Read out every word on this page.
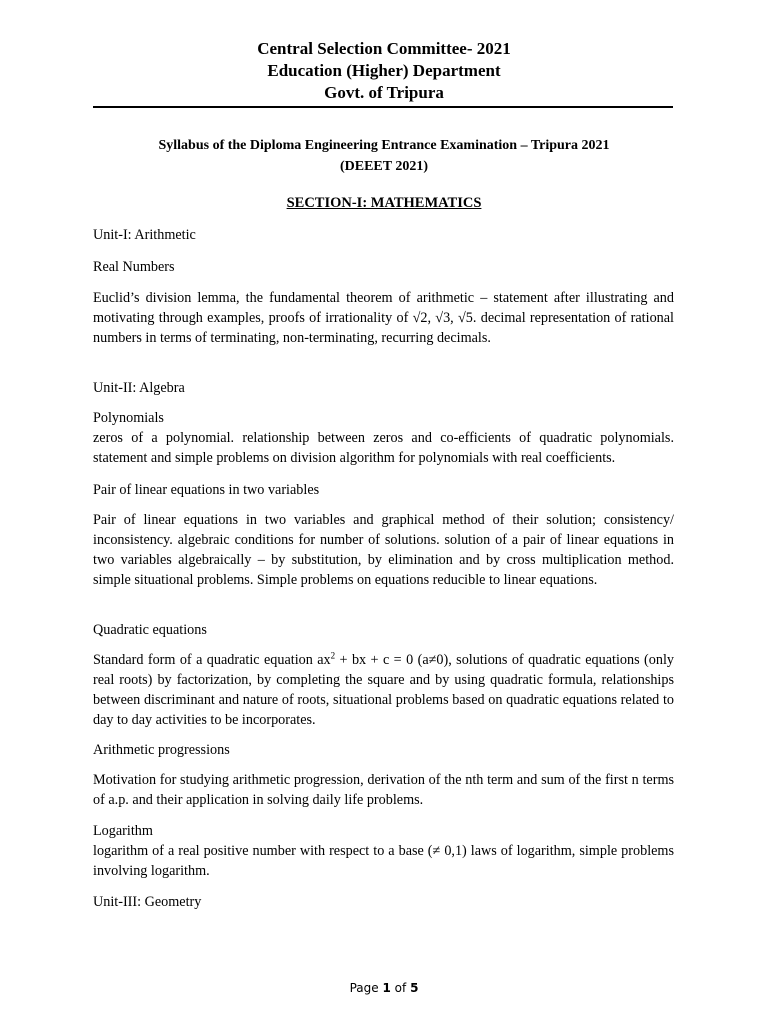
Central Selection Committee- 2021
Education (Higher) Department
Govt. of Tripura
Syllabus of the Diploma Engineering Entrance Examination – Tripura 2021
(DEEET 2021)
SECTION-I: MATHEMATICS
Unit-I: Arithmetic
Real Numbers
Euclid’s division lemma, the fundamental theorem of arithmetic – statement after illustrating and motivating through examples, proofs of irrationality of √2, √3, √5. decimal representation of rational numbers in terms of terminating, non-terminating, recurring decimals.
Unit-II: Algebra
Polynomials
zeros of a polynomial. relationship between zeros and co-efficients of quadratic polynomials. statement and simple problems on division algorithm for polynomials with real coefficients.
Pair of linear equations in two variables
Pair of linear equations in two variables and graphical method of their solution; consistency/ inconsistency. algebraic conditions for number of solutions. solution of a pair of linear equations in two variables algebraically – by substitution, by elimination and by cross multiplication method. simple situational problems. Simple problems on equations reducible to linear equations.
Quadratic equations
Standard form of a quadratic equation $ax^2$ + bx + c = 0 (a≠0), solutions of quadratic equations (only real roots) by factorization, by completing the square and by using quadratic formula, relationships between discriminant and nature of roots, situational problems based on quadratic equations related to day to day activities to be incorporates.
Arithmetic progressions
Motivation for studying arithmetic progression, derivation of the nth term and sum of the first n terms of a.p. and their application in solving daily life problems.
Logarithm
logarithm of a real positive number with respect to a base (≠ 0,1) laws of logarithm, simple problems involving logarithm.
Unit-III: Geometry
Page 1 of 5
